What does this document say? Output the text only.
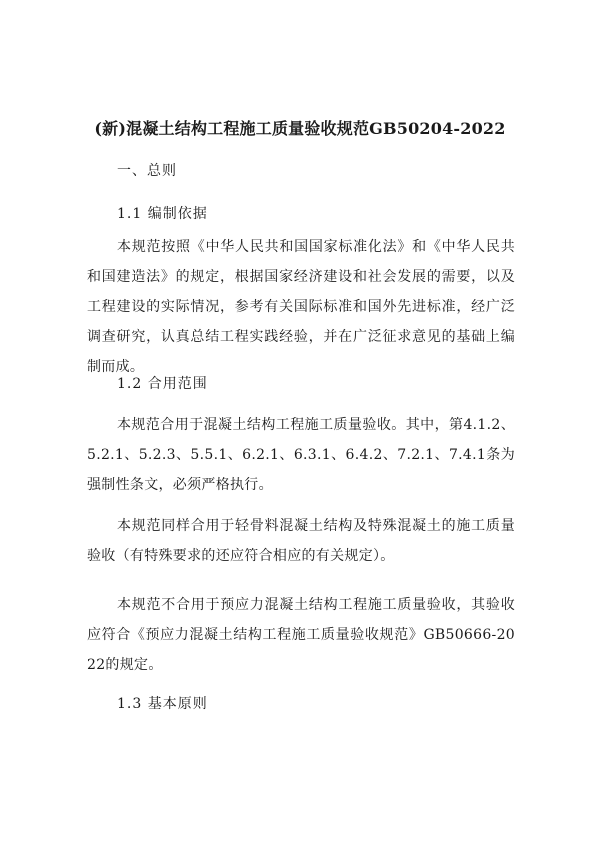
(新)混凝土结构工程施工质量验收规范GB50204-2022

一、总则

1.1 编制依据

本规范按照《中华人民共和国国家标准化法》和《中华人民共和国建造法》的规定，根据国家经济建设和社会发展的需要，以及工程建设的实际情况，参考有关国际标准和国外先进标准，经广泛调查研究，认真总结工程实践经验，并在广泛征求意见的基础上编制而成。

1.2 合用范围

本规范合用于混凝土结构工程施工质量验收。其中，第4.1.2、5.2.1、5.2.3、5.5.1、6.2.1、6.3.1、6.4.2、7.2.1、7.4.1条为强制性条文，必须严格执行。

本规范同样合用于轻骨料混凝土结构及特殊混凝土的施工质量验收（有特殊要求的还应符合相应的有关规定）。

本规范不合用于预应力混凝土结构工程施工质量验收，其验收应符合《预应力混凝土结构工程施工质量验收规范》GB50666-2022的规定。

1.3 基本原则
